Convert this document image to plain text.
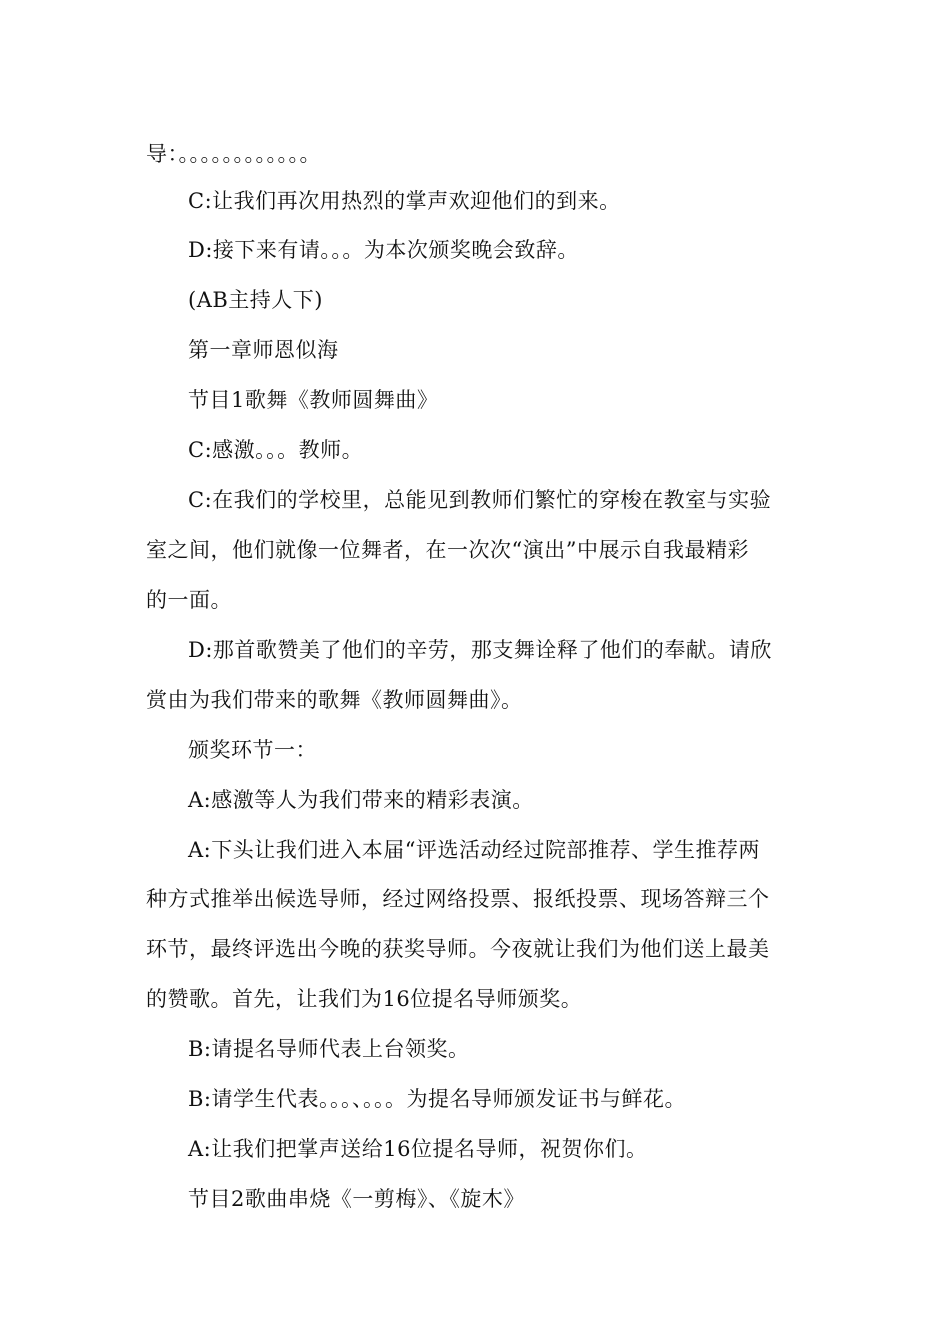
导：。。。。。。。。。。。。
C:让我们再次用热烈的掌声欢迎他们的到来。
D:接下来有请。。。为本次颁奖晚会致辞。
(AB主持人下)
第一章师恩似海
节目1歌舞《教师圆舞曲》
C:感激。。。教师。
C:在我们的学校里，总能见到教师们繁忙的穿梭在教室与实验
室之间，他们就像一位舞者，在一次次“演出”中展示自我最精彩
的一面。
D:那首歌赞美了他们的辛劳，那支舞诠释了他们的奉献。请欣
赏由为我们带来的歌舞《教师圆舞曲》。
颁奖环节一：
A:感激等人为我们带来的精彩表演。
A:下头让我们进入本届“评选活动经过院部推荐、学生推荐两
种方式推举出候选导师，经过网络投票、报纸投票、现场答辩三个
环节，最终评选出今晚的获奖导师。今夜就让我们为他们送上最美
的赞歌。首先，让我们为16位提名导师颁奖。
B:请提名导师代表上台领奖。
B:请学生代表。。。、。。。为提名导师颁发证书与鲜花。
A:让我们把掌声送给16位提名导师，祝贺你们。
节目2歌曲串烧《一剪梅》、《旋木》
